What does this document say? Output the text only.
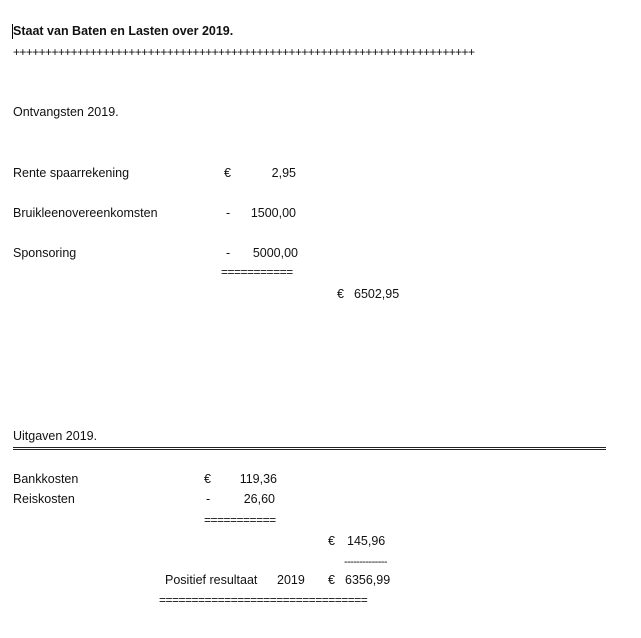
Staat van Baten en Lasten over 2019.
++++++++++++++++++++++++++++++++++++++++++++++++++++++++++++++++++++++++
Ontvangsten 2019.
Rente spaarrekening	€	2,95
Bruikleenovereenkomsten	-	1500,00
Sponsoring	-	5000,00
===========
€ 6502,95
Uitgaven 2019.
Bankkosten	€	119,36
Reiskosten	-	26,60
===========
€ 145,96
--------------
Positief resultaat 2019 € 6356,99
================================
